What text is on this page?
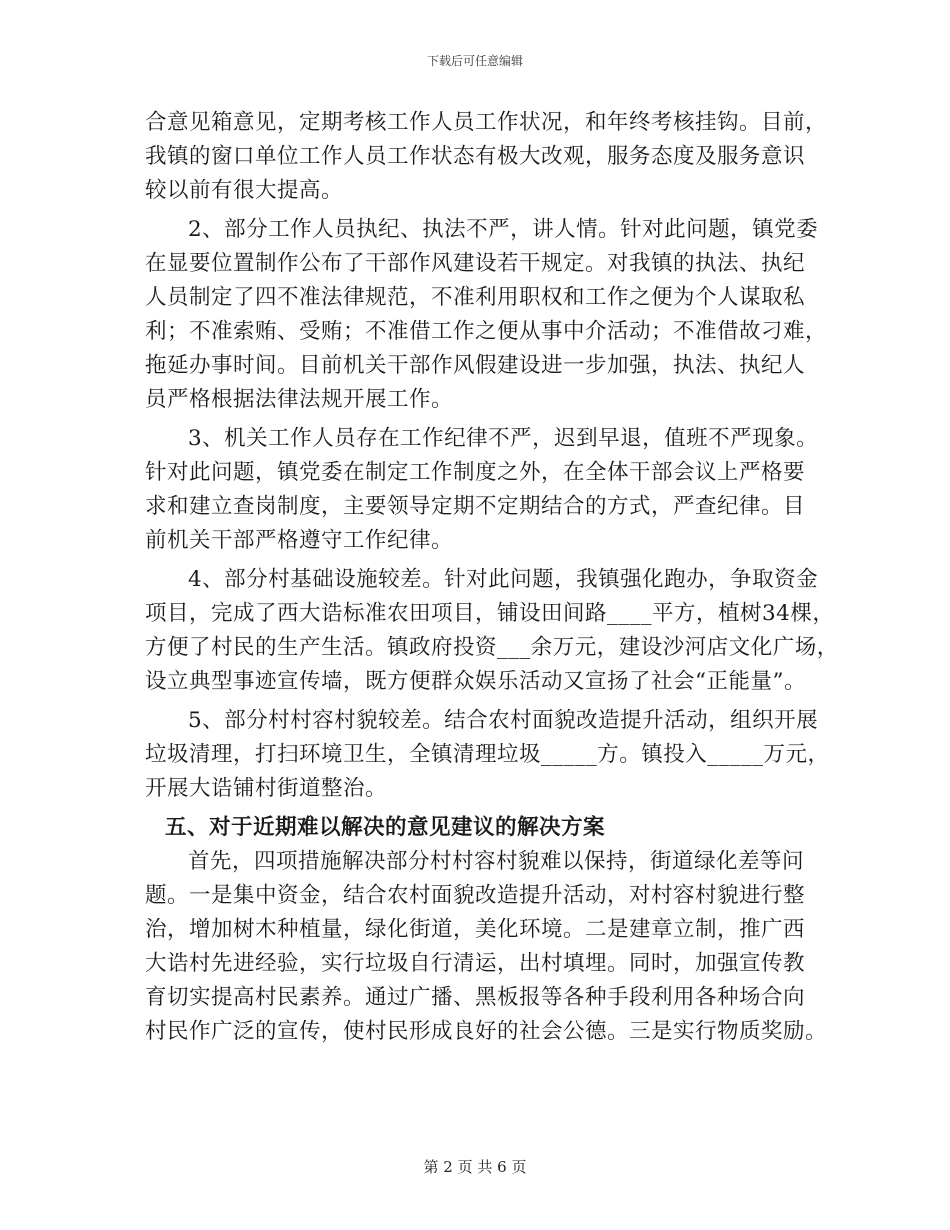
下载后可任意编辑
合意见箱意见，定期考核工作人员工作状况，和年终考核挂钩。目前，
我镇的窗口单位工作人员工作状态有极大改观，服务态度及服务意识
较以前有很大提高。
2、部分工作人员执纪、执法不严，讲人情。针对此问题，镇党委
在显要位置制作公布了干部作风建设若干规定。对我镇的执法、执纪
人员制定了四不准法律规范，不准利用职权和工作之便为个人谋取私
利；不准索贿、受贿；不准借工作之便从事中介活动；不准借故刁难，
拖延办事时间。目前机关干部作风假建设进一步加强，执法、执纪人
员严格根据法律法规开展工作。
3、机关工作人员存在工作纪律不严，迟到早退，值班不严现象。
针对此问题，镇党委在制定工作制度之外，在全体干部会议上严格要
求和建立查岗制度，主要领导定期不定期结合的方式，严查纪律。目
前机关干部严格遵守工作纪律。
4、部分村基础设施较差。针对此问题，我镇强化跑办，争取资金
项目，完成了西大诰标准农田项目，铺设田间路____平方，植树34棵，
方便了村民的生产生活。镇政府投资___余万元，建设沙河店文化广场，
设立典型事迹宣传墙，既方便群众娱乐活动又宣扬了社会“正能量”。
5、部分村村容村貌较差。结合农村面貌改造提升活动，组织开展
垃圾清理，打扫环境卫生，全镇清理垃圾_____方。镇投入_____万元，
开展大诰铺村街道整治。
五、对于近期难以解决的意见建议的解决方案
首先，四项措施解决部分村村容村貌难以保持，街道绿化差等问
题。一是集中资金，结合农村面貌改造提升活动，对村容村貌进行整
治，增加树木种植量，绿化街道，美化环境。二是建章立制，推广西
大诰村先进经验，实行垃圾自行清运，出村填埋。同时，加强宣传教
育切实提高村民素养。通过广播、黑板报等各种手段利用各种场合向
村民作广泛的宣传，使村民形成良好的社会公德。三是实行物质奖励。
第 2 页 共 6 页
